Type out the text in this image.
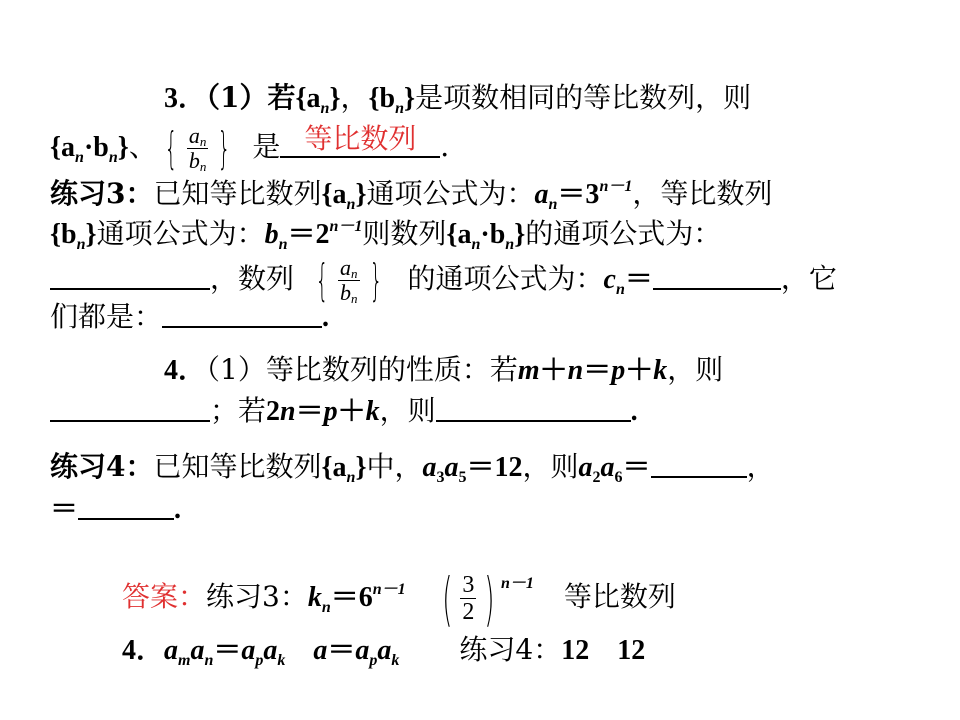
3．（1）若$\{a_n\}$，$\{b_n\}$是项数相同的等比数列，则
$\{a_n\cdot b_n\}$、 { $\frac{a_n}{b_n}$ } 是 等比数列 ．
练习3：已知等比数列$\{a_n\}$通项公式为：$a_n=3^{n-1}$，等比数列
$\{b_n\}$通项公式为：$b_n=2^{n-1}$则数列$\{a_n\cdot b_n\}$的通项公式为：
，数列 { $\frac{a_n}{b_n}$ } 的通项公式为：$c_n=$	，它
们都是：	.
4．（1）等比数列的性质：若m＋n＝p＋k，则
；若2n＝p＋k，则	.
练习4：已知等比数列$\{a_n\}$中，$a_3a_5=12$，则$a_2a_6=$	，
＝	.
答案：练习3：$k_n=6^{n-1}$ ( $\frac{3}{2}$ ) $^{n-1}$ 等比数列
4．$a_ma_n=a_pa_k$ $a=a_pa_k$ 练习4：12 12
